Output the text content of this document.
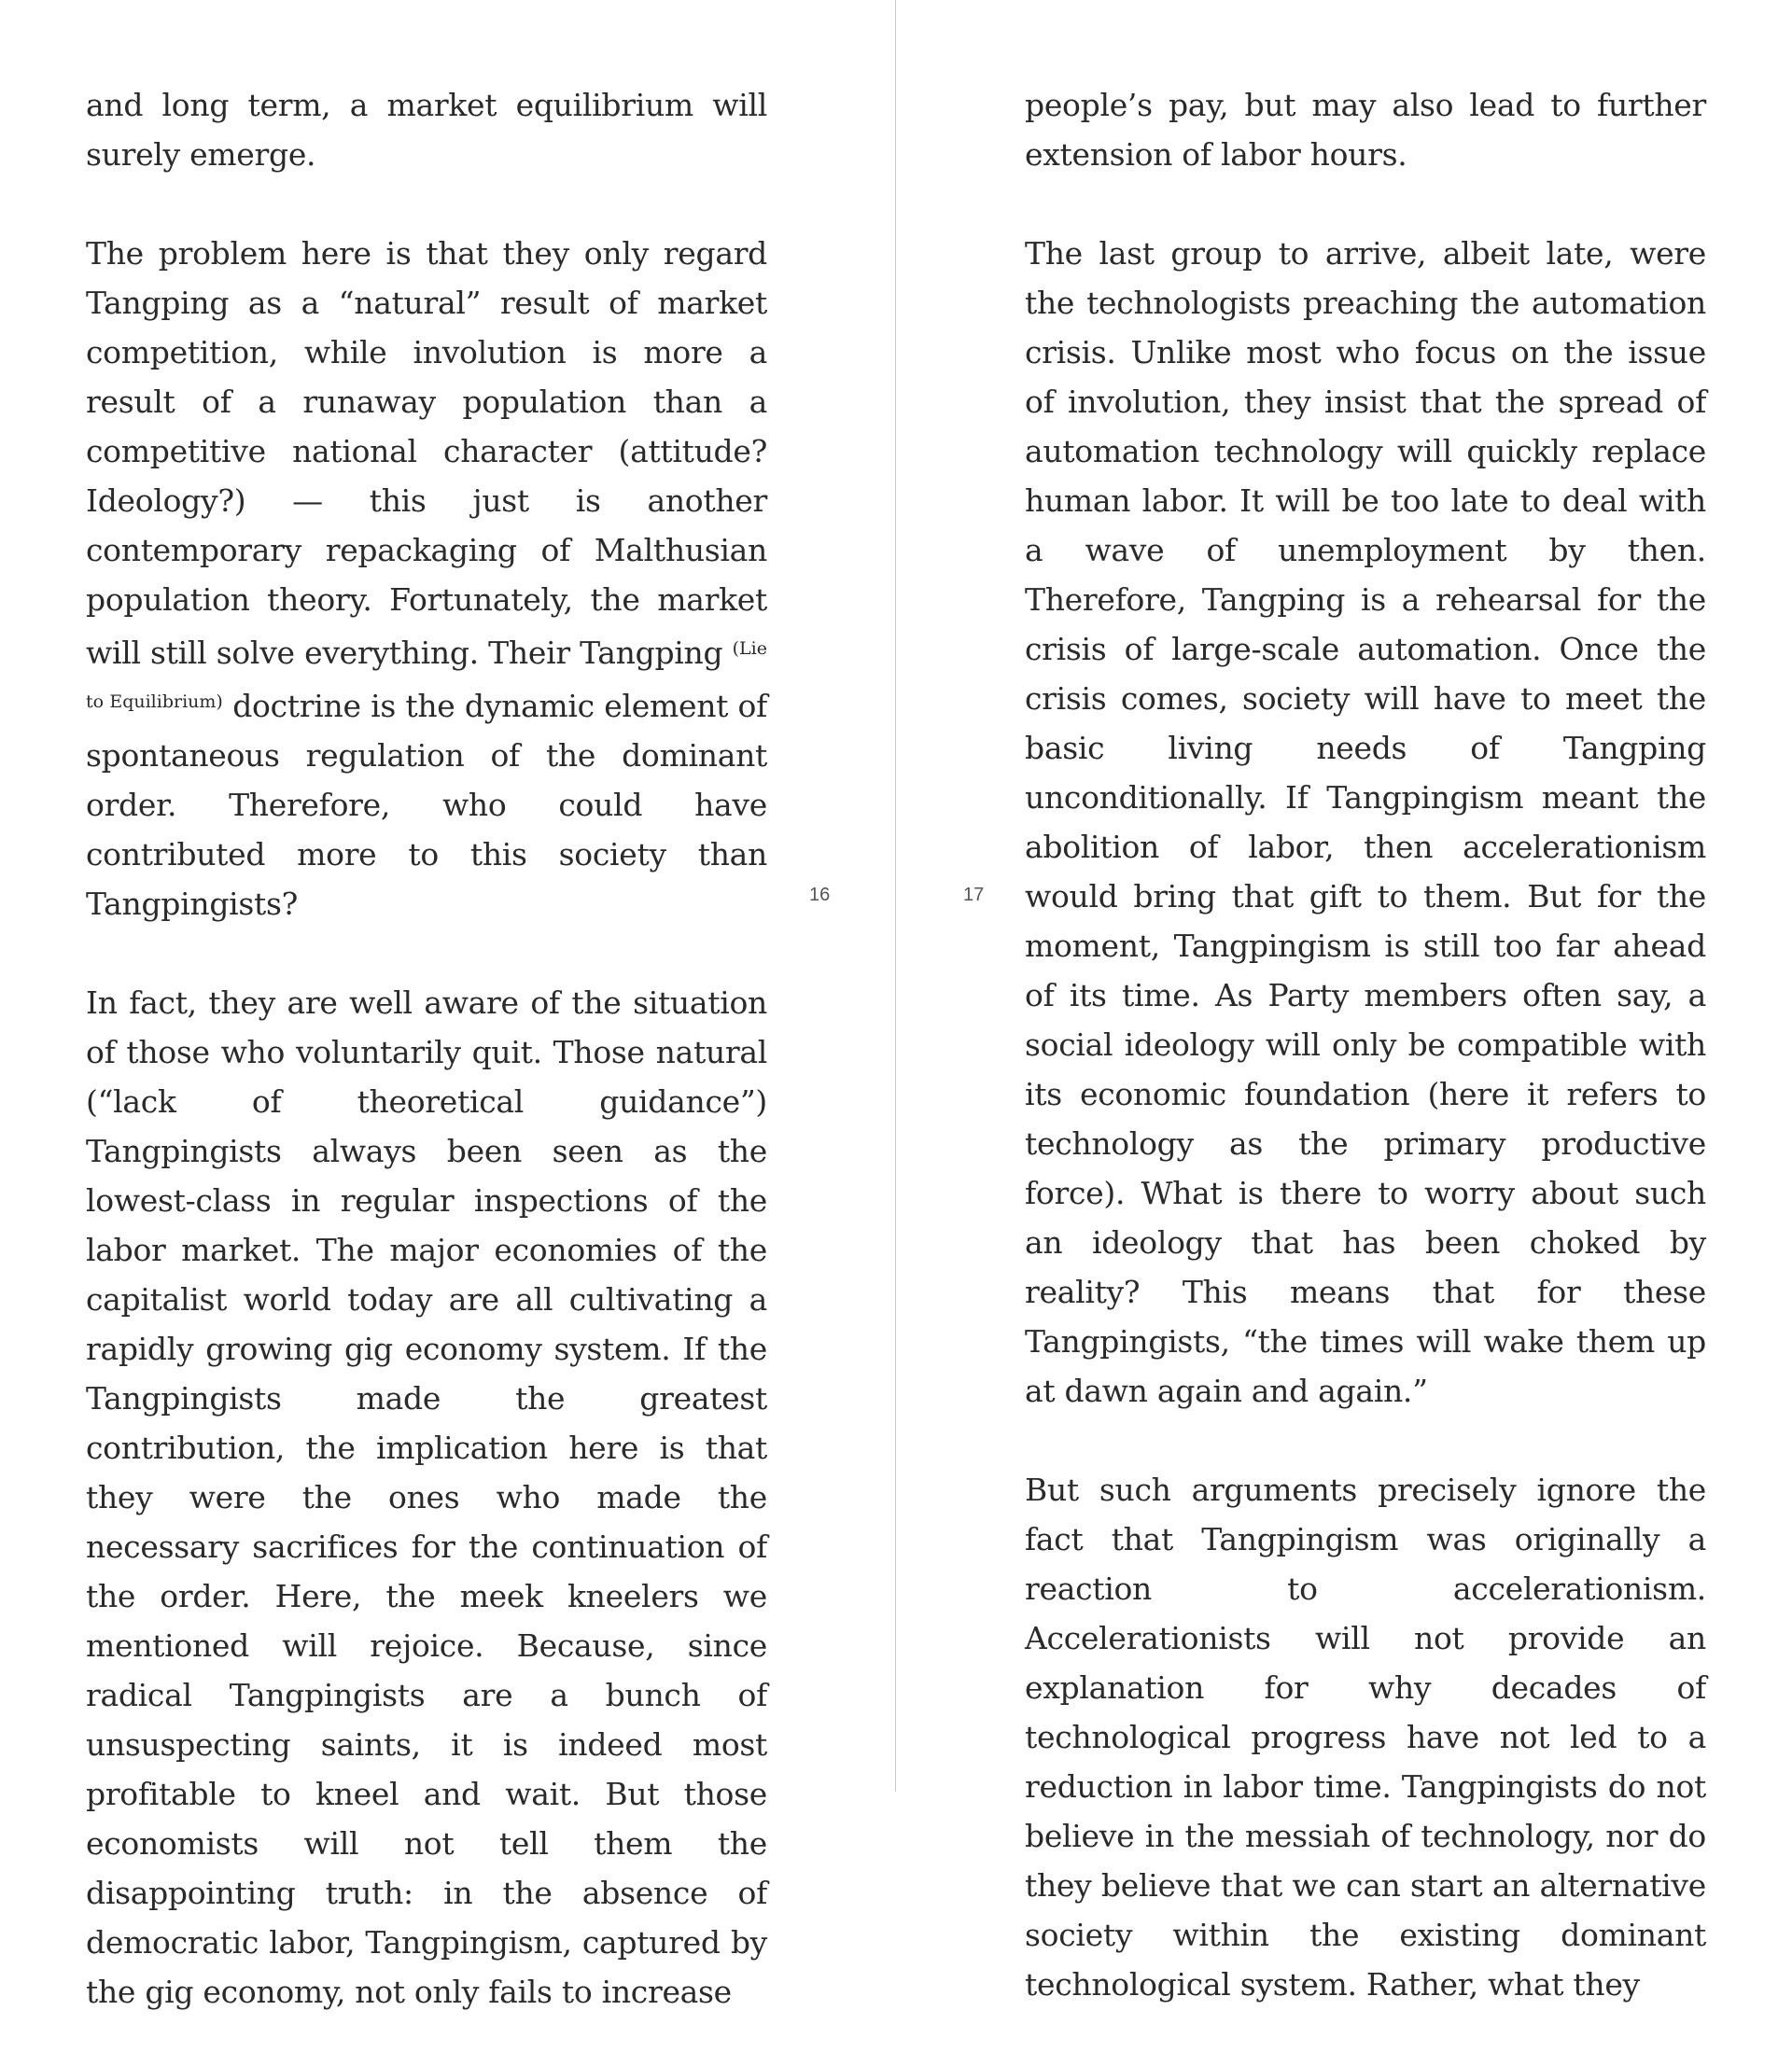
and long term, a market equilibrium will surely emerge.

The problem here is that they only regard Tangping as a “natural” result of market competition, while involution is more a result of a runaway population than a competitive national character (attitude? Ideology?) — this just is another contemporary repackaging of Malthusian population theory. Fortunately, the market will still solve everything. Their Tangping $^{(Lie to Equilibrium)}$ doctrine is the dynamic element of spontaneous regulation of the dominant order. Therefore, who could have contributed more to this society than Tangpingists?

In fact, they are well aware of the situation of those who voluntarily quit. Those natural (“lack of theoretical guidance”) Tangpingists always been seen as the lowest-class in regular inspections of the labor market. The major economies of the capitalist world today are all cultivating a rapidly growing gig economy system. If the Tangpingists made the greatest contribution, the implication here is that they were the ones who made the necessary sacrifices for the continuation of the order. Here, the meek kneelers we mentioned will rejoice. Because, since radical Tangpingists are a bunch of unsuspecting saints, it is indeed most profitable to kneel and wait. But those economists will not tell them the disappointing truth: in the absence of democratic labor, Tangpingism, captured by the gig economy, not only fails to increase

16	17

people’s pay, but may also lead to further extension of labor hours.

The last group to arrive, albeit late, were the technologists preaching the automation crisis. Unlike most who focus on the issue of involution, they insist that the spread of automation technology will quickly replace human labor. It will be too late to deal with a wave of unemployment by then. Therefore, Tangping is a rehearsal for the crisis of large-scale automation. Once the crisis comes, society will have to meet the basic living needs of Tangping unconditionally. If Tangpingism meant the abolition of labor, then accelerationism would bring that gift to them. But for the moment, Tangpingism is still too far ahead of its time. As Party members often say, a social ideology will only be compatible with its economic foundation (here it refers to technology as the primary productive force). What is there to worry about such an ideology that has been choked by reality? This means that for these Tangpingists, “the times will wake them up at dawn again and again.”

But such arguments precisely ignore the fact that Tangpingism was originally a reaction to accelerationism. Accelerationists will not provide an explanation for why decades of technological progress have not led to a reduction in labor time. Tangpingists do not believe in the messiah of technology, nor do they believe that we can start an alternative society within the existing dominant technological system. Rather, what they
